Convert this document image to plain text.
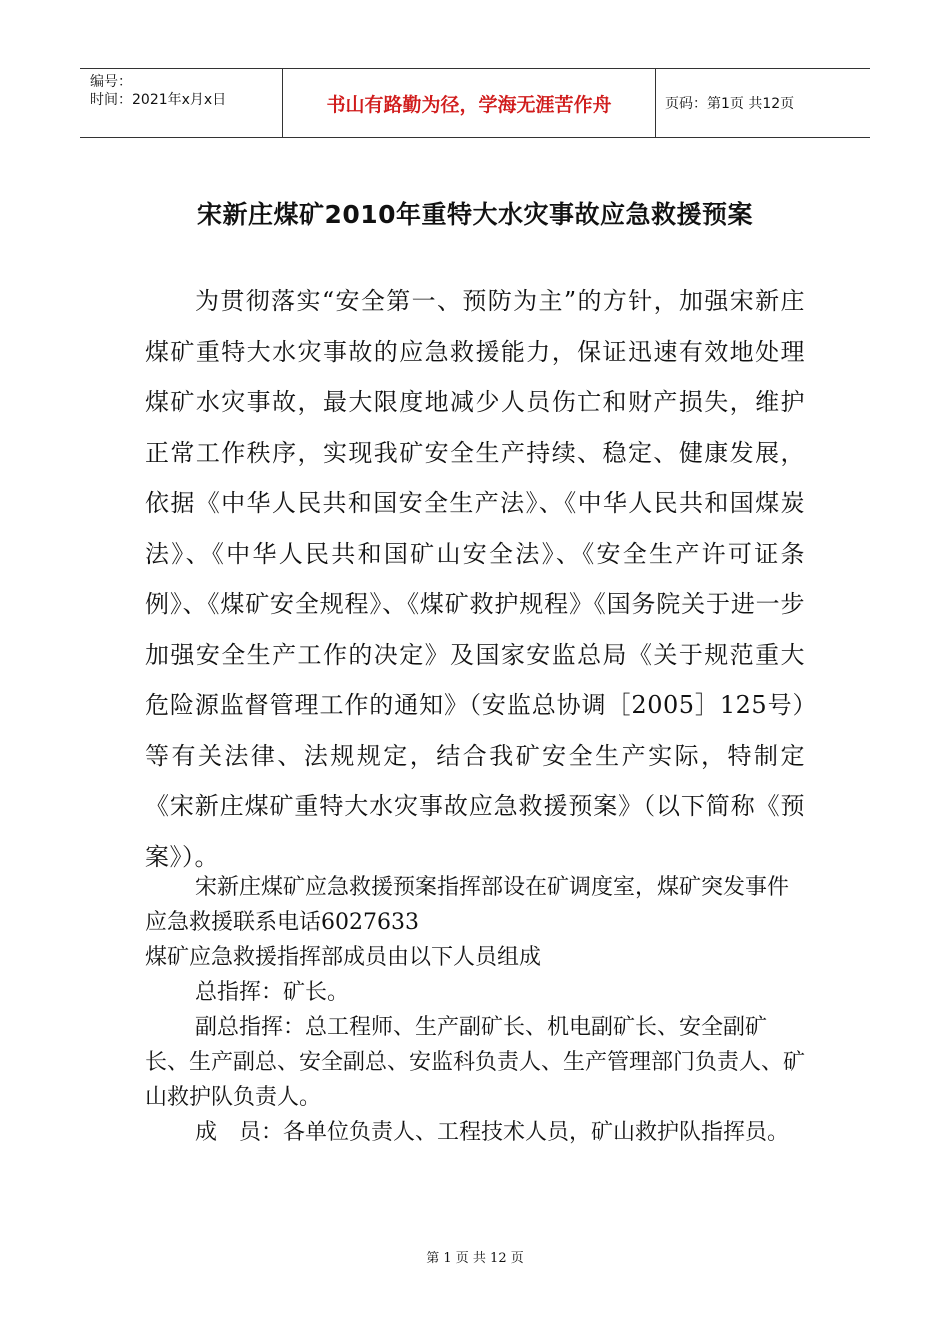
编号：
时间：2021年x月x日	书山有路勤为径，学海无涯苦作舟	页码：第1页 共12页
宋新庄煤矿2010年重特大水灾事故应急救援预案
为贯彻落实“安全第一、预防为主”的方针，加强宋新庄煤矿重特大水灾事故的应急救援能力，保证迅速有效地处理煤矿水灾事故，最大限度地减少人员伤亡和财产损失，维护正常工作秩序，实现我矿安全生产持续、稳定、健康发展，依据《中华人民共和国安全生产法》、《中华人民共和国煤炭法》、《中华人民共和国矿山安全法》、《安全生产许可证条例》、《煤矿安全规程》、《煤矿救护规程》《国务院关于进一步加强安全生产工作的决定》及国家安监总局《关于规范重大危险源监督管理工作的通知》（安监总协调［2005］125号）等有关法律、法规规定，结合我矿安全生产实际，特制定《宋新庄煤矿重特大水灾事故应急救援预案》（以下简称《预案》）。

宋新庄煤矿应急救援预案指挥部设在矿调度室，煤矿突发事件应急救援联系电话6027633

煤矿应急救援指挥部成员由以下人员组成

总指挥：矿长。

副总指挥：总工程师、生产副矿长、机电副矿长、安全副矿长、生产副总、安全副总、安监科负责人、生产管理部门负责人、矿山救护队负责人。

成　员：各单位负责人、工程技术人员，矿山救护队指挥员。

第 1 页 共 12 页
